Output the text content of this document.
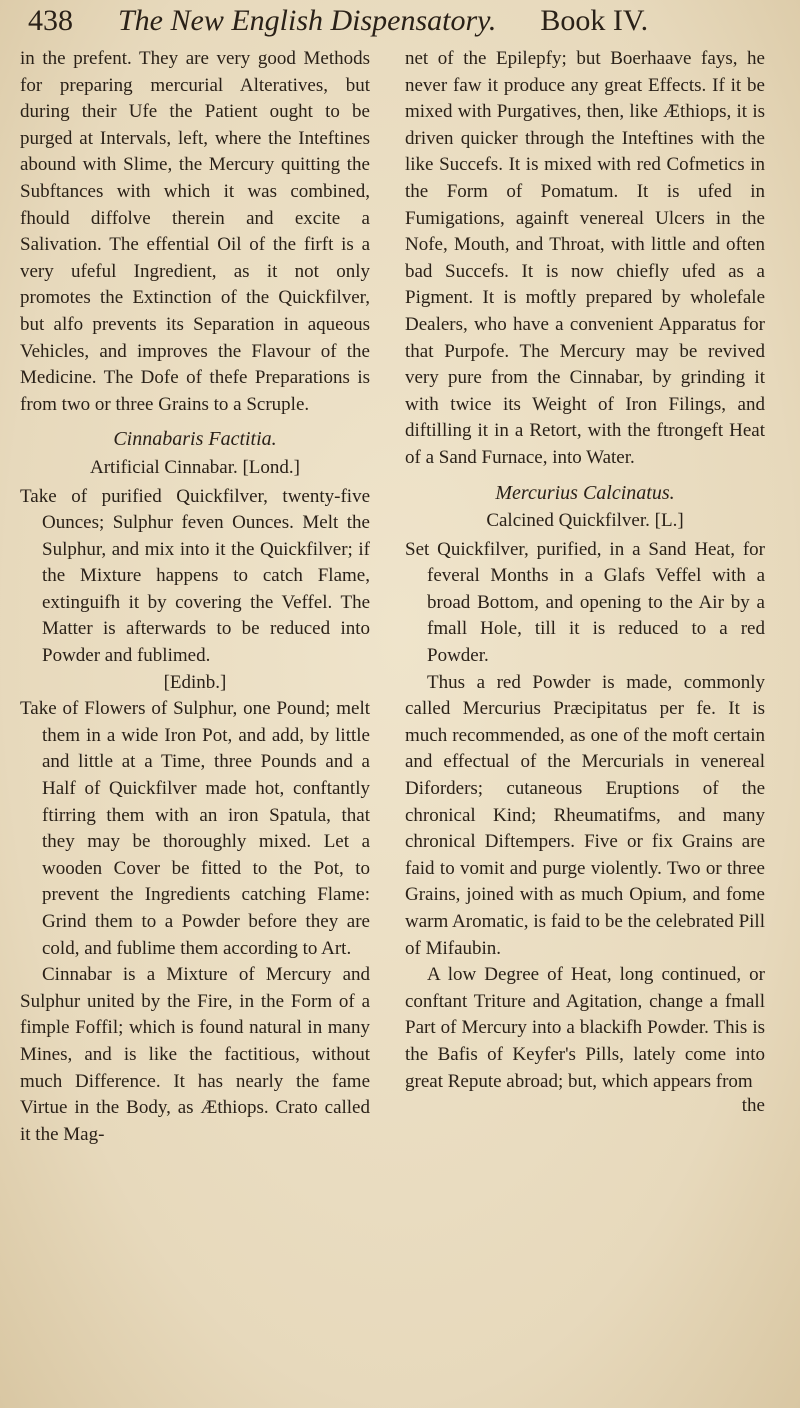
438	The New English Dispensatory. Book IV.

in the prefent. They are very good Methods for preparing mercurial Alteratives, but during their Ufe the Patient ought to be purged at Intervals, left, where the Inteftines abound with Slime, the Mercury quitting the Subftances with which it was combined, fhould diffolve therein and excite a Salivation. The effential Oil of the firft is a very ufeful Ingredient, as it not only promotes the Extinction of the Quickfilver, but alfo prevents its Separation in aqueous Vehicles, and improves the Flavour of the Medicine. The Dofe of thefe Preparations is from two or three Grains to a Scruple.

Cinnabaris Factitia.

Artificial Cinnabar. [Lond.]

Take of purified Quickfilver, twenty-five Ounces; Sulphur feven Ounces. Melt the Sulphur, and mix into it the Quickfilver; if the Mixture happens to catch Flame, extinguifh it by covering the Veffel. The Matter is afterwards to be reduced into Powder and fublimed.

[Edinb.]

Take of Flowers of Sulphur, one Pound; melt them in a wide Iron Pot, and add, by little and little at a Time, three Pounds and a Half of Quickfilver made hot, conftantly ftirring them with an iron Spatula, that they may be thoroughly mixed. Let a wooden Cover be fitted to the Pot, to prevent the Ingredients catching Flame: Grind them to a Powder before they are cold, and fublime them according to Art.

Cinnabar is a Mixture of Mercury and Sulphur united by the Fire, in the Form of a fimple Foffil; which is found natural in many Mines, and is like the factitious, without much Difference. It has nearly the fame Virtue in the Body, as Æthiops. Crato called it the Mag-

net of the Epilepfy; but Boerhaave fays, he never faw it produce any great Effects. If it be mixed with Purgatives, then, like Æthiops, it is driven quicker through the Inteftines with the like Succefs. It is mixed with red Cofmetics in the Form of Pomatum. It is ufed in Fumigations, againft venereal Ulcers in the Nofe, Mouth, and Throat, with little and often bad Succefs. It is now chiefly ufed as a Pigment. It is moftly prepared by wholefale Dealers, who have a convenient Apparatus for that Purpofe. The Mercury may be revived very pure from the Cinnabar, by grinding it with twice its Weight of Iron Filings, and diftilling it in a Retort, with the ftrongeft Heat of a Sand Furnace, into Water.

Mercurius Calcinatus.

Calcined Quickfilver. [L.]

Set Quickfilver, purified, in a Sand Heat, for feveral Months in a Glafs Veffel with a broad Bottom, and opening to the Air by a fmall Hole, till it is reduced to a red Powder.

Thus a red Powder is made, commonly called Mercurius Præcipitatus per fe. It is much recommended, as one of the moft certain and effectual of the Mercurials in venereal Diforders; cutaneous Eruptions of the chronical Kind; Rheumatifms, and many chronical Diftempers. Five or fix Grains are faid to vomit and purge violently. Two or three Grains, joined with as much Opium, and fome warm Aromatic, is faid to be the celebrated Pill of Mifaubin.

A low Degree of Heat, long continued, or conftant Triture and Agitation, change a fmall Part of Mercury into a blackifh Powder. This is the Bafis of Keyfer's Pills, lately come into great Repute abroad; but, which appears from

the
